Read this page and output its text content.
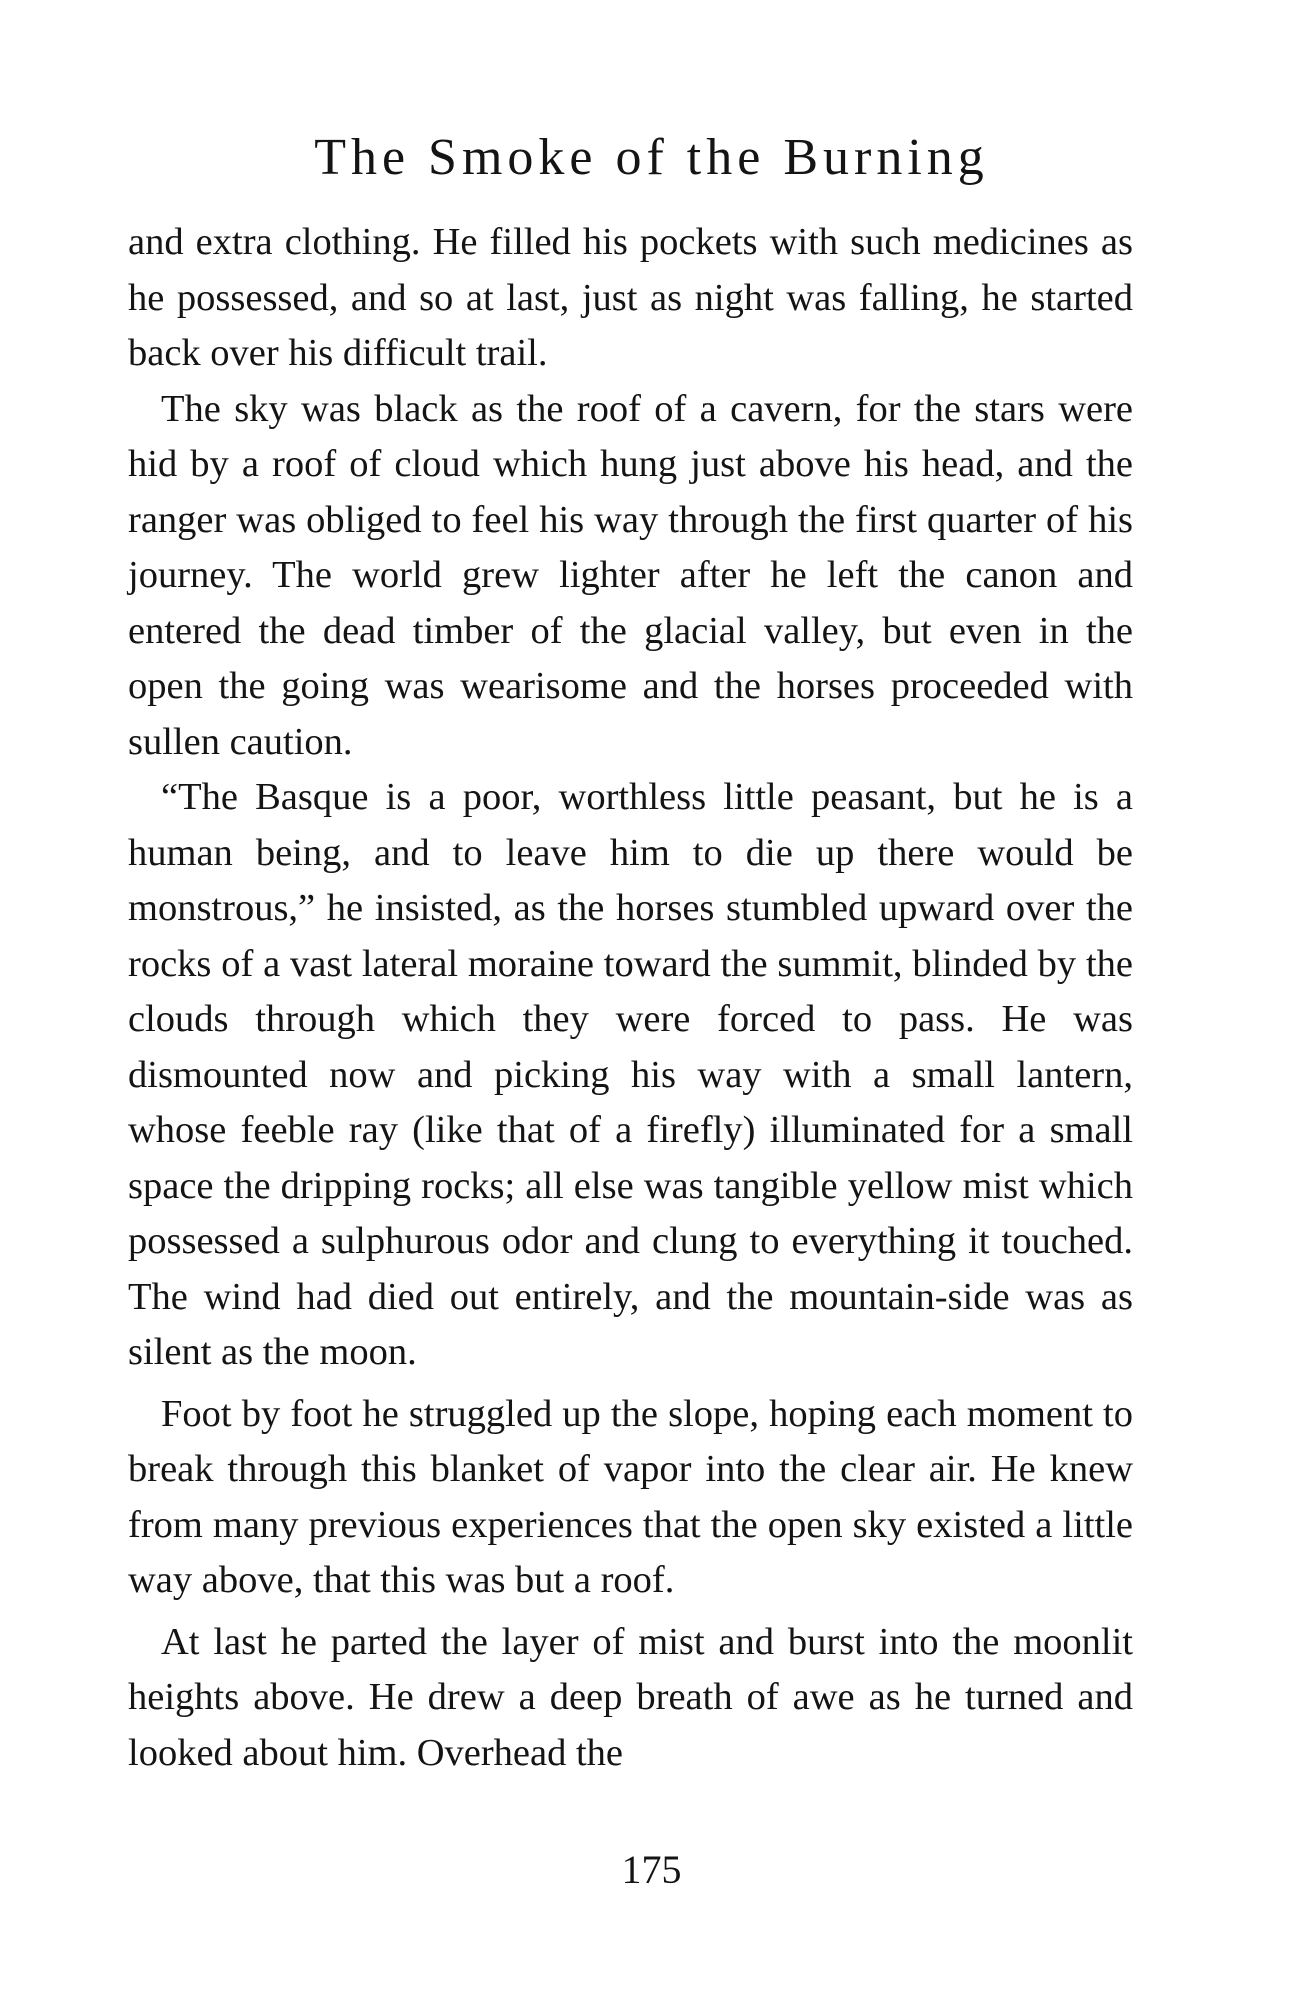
The Smoke of the Burning

and extra clothing. He filled his pockets with such medicines as he possessed, and so at last, just as night was falling, he started back over his difficult trail.

The sky was black as the roof of a cavern, for the stars were hid by a roof of cloud which hung just above his head, and the ranger was obliged to feel his way through the first quarter of his journey. The world grew lighter after he left the canon and entered the dead timber of the glacial valley, but even in the open the going was wearisome and the horses proceeded with sullen caution.

“The Basque is a poor, worthless little peasant, but he is a human being, and to leave him to die up there would be monstrous,” he insisted, as the horses stumbled upward over the rocks of a vast lateral moraine toward the summit, blinded by the clouds through which they were forced to pass. He was dismounted now and picking his way with a small lantern, whose feeble ray (like that of a firefly) illuminated for a small space the dripping rocks; all else was tangible yellow mist which possessed a sulphurous odor and clung to everything it touched. The wind had died out entirely, and the mountain-side was as silent as the moon.

Foot by foot he struggled up the slope, hoping each moment to break through this blanket of vapor into the clear air. He knew from many previous experiences that the open sky existed a little way above, that this was but a roof.

At last he parted the layer of mist and burst into the moonlit heights above. He drew a deep breath of awe as he turned and looked about him. Overhead the

175
